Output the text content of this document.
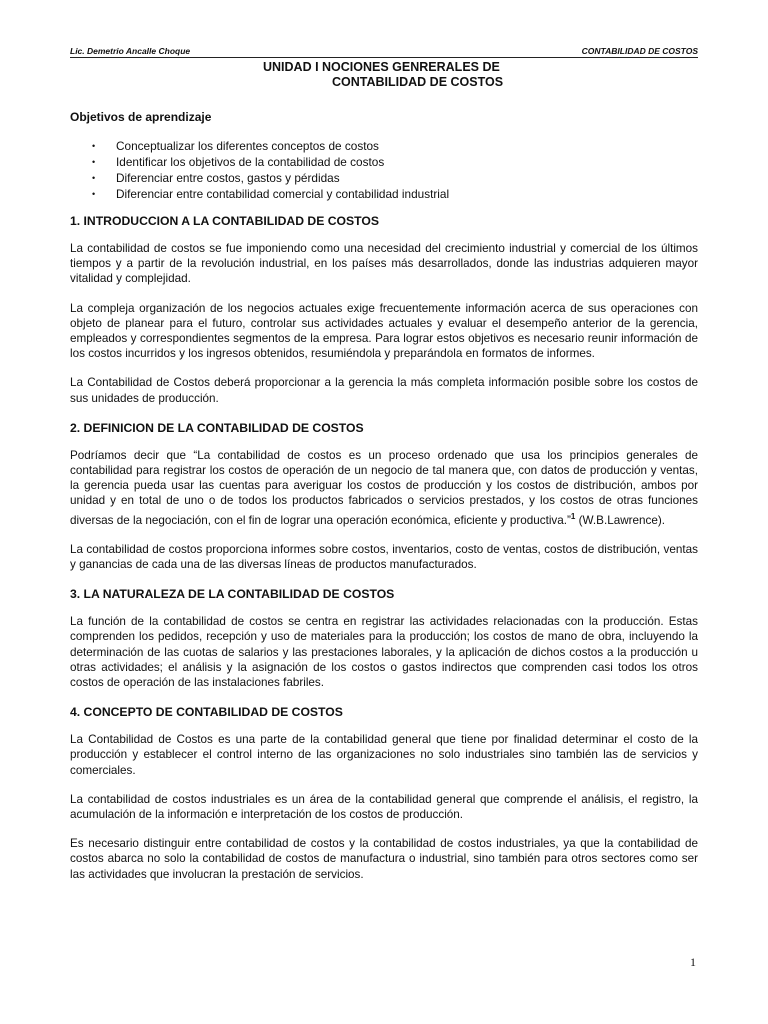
Lic. Demetrio Ancalle Choque	CONTABILIDAD DE COSTOS
UNIDAD I NOCIONES GENRERALES DE
CONTABILIDAD DE COSTOS
Objetivos de aprendizaje
• Conceptualizar los diferentes conceptos de costos
• Identificar los objetivos de la contabilidad de costos
• Diferenciar entre costos, gastos y pérdidas
• Diferenciar entre contabilidad comercial y contabilidad industrial
1. INTRODUCCION A LA CONTABILIDAD DE COSTOS

La contabilidad de costos se fue imponiendo como una necesidad del crecimiento industrial y comercial de los últimos tiempos y a partir de la revolución industrial, en los países más desarrollados, donde las industrias adquieren mayor vitalidad y complejidad.

La compleja organización de los negocios actuales exige frecuentemente información acerca de sus operaciones con objeto de planear para el futuro, controlar sus actividades actuales y evaluar el desempeño anterior de la gerencia, empleados y correspondientes segmentos de la empresa. Para lograr estos objetivos es necesario reunir información de los costos incurridos y los ingresos obtenidos, resumiéndola y preparándola en formatos de informes.

La Contabilidad de Costos deberá proporcionar a la gerencia la más completa información posible sobre los costos de sus unidades de producción.

2. DEFINICION DE LA CONTABILIDAD DE COSTOS

Podríamos decir que “La contabilidad de costos es un proceso ordenado que usa los principios generales de contabilidad para registrar los costos de operación de un negocio de tal manera que, con datos de producción y ventas, la gerencia pueda usar las cuentas para averiguar los costos de producción y los costos de distribución, ambos por unidad y en total de uno o de todos los productos fabricados o servicios prestados, y los costos de otras funciones diversas de la negociación, con el fin de lograr una operación económica, eficiente y productiva.”$^1$ (W.B.Lawrence).

La contabilidad de costos proporciona informes sobre costos, inventarios, costo de ventas, costos de distribución, ventas y ganancias de cada una de las diversas líneas de productos manufacturados.

3. LA NATURALEZA DE LA CONTABILIDAD DE COSTOS

La función de la contabilidad de costos se centra en registrar las actividades relacionadas con la producción. Estas comprenden los pedidos, recepción y uso de materiales para la producción; los costos de mano de obra, incluyendo la determinación de las cuotas de salarios y las prestaciones laborales, y la aplicación de dichos costos a la producción u otras actividades; el análisis y la asignación de los costos o gastos indirectos que comprenden casi todos los otros costos de operación de las instalaciones fabriles.

4. CONCEPTO DE CONTABILIDAD DE COSTOS

La Contabilidad de Costos es una parte de la contabilidad general que tiene por finalidad determinar el costo de la producción y establecer el control interno de las organizaciones no solo industriales sino también las de servicios y comerciales.

La contabilidad de costos industriales es un área de la contabilidad general que comprende el análisis, el registro, la acumulación de la información e interpretación de los costos de producción.

Es necesario distinguir entre contabilidad de costos y la contabilidad de costos industriales, ya que la contabilidad de costos abarca no solo la contabilidad de costos de manufactura o industrial, sino también para otros sectores como ser las actividades que involucran la prestación de servicios.

1
